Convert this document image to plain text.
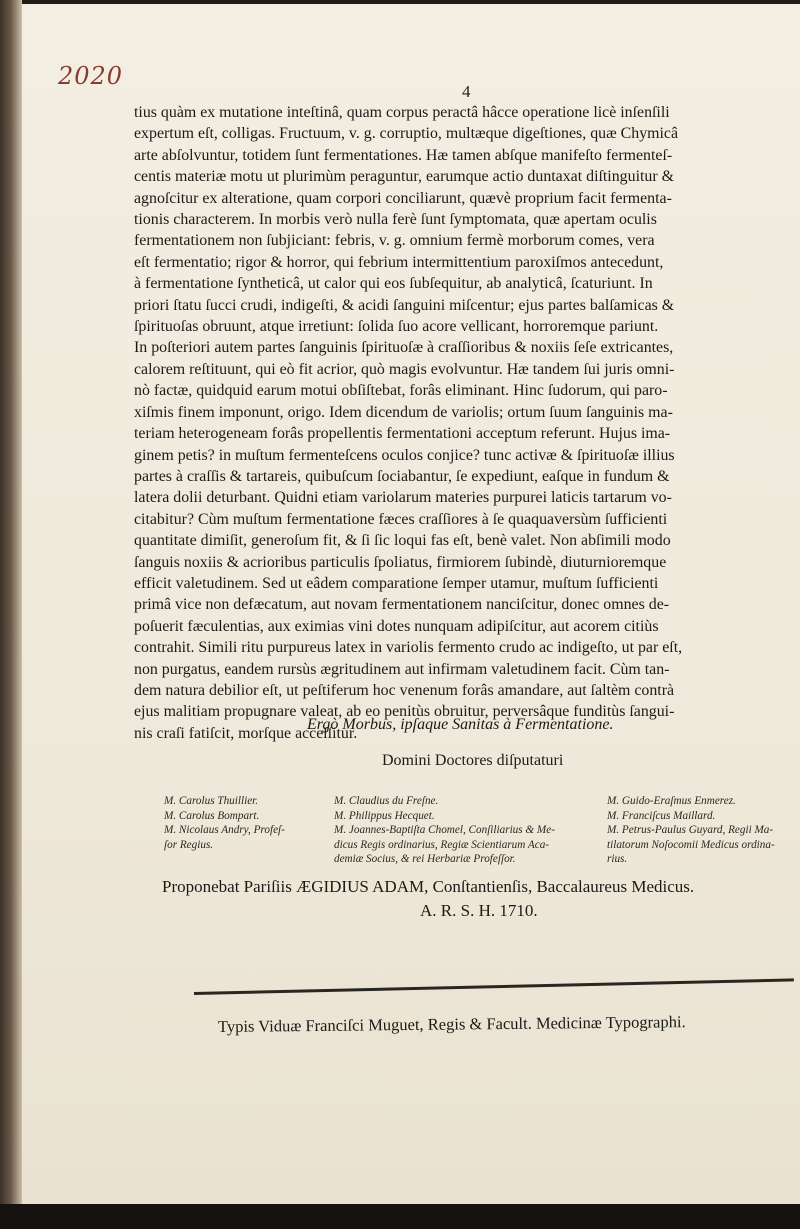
2020
4
tius quàm ex mutatione inteſtinâ, quam corpus peractâ hâcce operatione licè inſenſili
expertum eſt, colligas. Fructuum, v. g. corruptio, multæque digeſtiones, quæ Chymicâ
arte abſolvuntur, totidem ſunt fermentationes. Hæ tamen abſque manifeſto fermenteſ-
centis materiæ motu ut plurimùm peraguntur, earumque actio duntaxat diſtinguitur &
agnoſcitur ex alteratione, quam corpori conciliarunt, quævè proprium facit fermenta-
tionis characterem. In morbis verò nulla ferè ſunt ſymptomata, quæ apertam oculis
fermentationem non ſubjiciant: febris, v. g. omnium fermè morborum comes, vera
eſt fermentatio; rigor & horror, qui febrium intermittentium paroxiſmos antecedunt,
à fermentatione ſyntheticâ, ut calor qui eos ſubſequitur, ab analyticâ, ſcaturiunt. In
priori ſtatu ſucci crudi, indigeſti, & acidi ſanguini miſcentur; ejus partes balſamicas &
ſpirituoſas obruunt, atque irretiunt: ſolida ſuo acore vellicant, horroremque pariunt.
In poſteriori autem partes ſanguinis ſpirituoſæ à craſſioribus & noxiis ſeſe extricantes,
calorem reſtituunt, qui eò fit acrior, quò magis evolvuntur. Hæ tandem ſui juris omni-
nò factæ, quidquid earum motui obſiſtebat, forâs eliminant. Hinc ſudorum, qui paro-
xiſmis finem imponunt, origo. Idem dicendum de variolis; ortum ſuum ſanguinis ma-
teriam heterogeneam forâs propellentis fermentationi acceptum referunt. Hujus ima-
ginem petis? in muſtum fermenteſcens oculos conjice? tunc activæ & ſpirituoſæ illius
partes à craſſis & tartareis, quibuſcum ſociabantur, ſe expediunt, eaſque in fundum &
latera dolii deturbant. Quidni etiam variolarum materies purpurei laticis tartarum vo-
citabitur? Cùm muſtum fermentatione fæces craſſiores à ſe quaquaversùm ſufficienti
quantitate dimiſit, generoſum fit, & ſi ſic loqui fas eſt, benè valet. Non abſimili modo
ſanguis noxiis & acrioribus particulis ſpoliatus, firmiorem ſubindè, diuturnioremque
efficit valetudinem. Sed ut eâdem comparatione ſemper utamur, muſtum ſufficienti
primâ vice non defæcatum, aut novam fermentationem nanciſcitur, donec omnes de-
poſuerit fæculentias, aux eximias vini dotes nunquam adipiſcitur, aut acorem citiùs
contrahit. Simili ritu purpureus latex in variolis fermento crudo ac indigeſto, ut par eſt,
non purgatus, eandem rursùs ægritudinem aut infirmam valetudinem facit. Cùm tan-
dem natura debilior eſt, ut peſtiferum hoc venenum forâs amandare, aut ſaltèm contrà
ejus malitiam propugnare valeat, ab eo penitùs obruitur, perversâque funditùs ſangui-
nis craſi fatiſcit, morſque acceſſitur.
Ergò Morbus, ipſaque Sanitas à Fermentatione.
Domini Doctores diſputaturi
M. Carolus Thuillier.
M. Carolus Bompart.
M. Nicolaus Andry, Profeſ-
ſor Regius.
M. Claudius du Freſne.
M. Philippus Hecquet.
M. Joannes-Baptiſta Chomel, Conſiliarius & Me-
dicus Regis ordinarius, Regiæ Scientiarum Aca-
demiæ Socius, & rei Herbariæ Profeſſor.
M. Guido-Eraſmus Enmerez.
M. Franciſcus Maillard.
M. Petrus-Paulus Guyard, Regii Ma-
tilatorum Noſocomii Medicus ordina-
rius.
Proponebat Pariſiis ÆGIDIUS ADAM, Conſtantienſis, Baccalaureus Medicus.
A. R. S. H. 1710.
Typis Viduæ Franciſci Muguet, Regis & Facult. Medicinæ Typographi.
